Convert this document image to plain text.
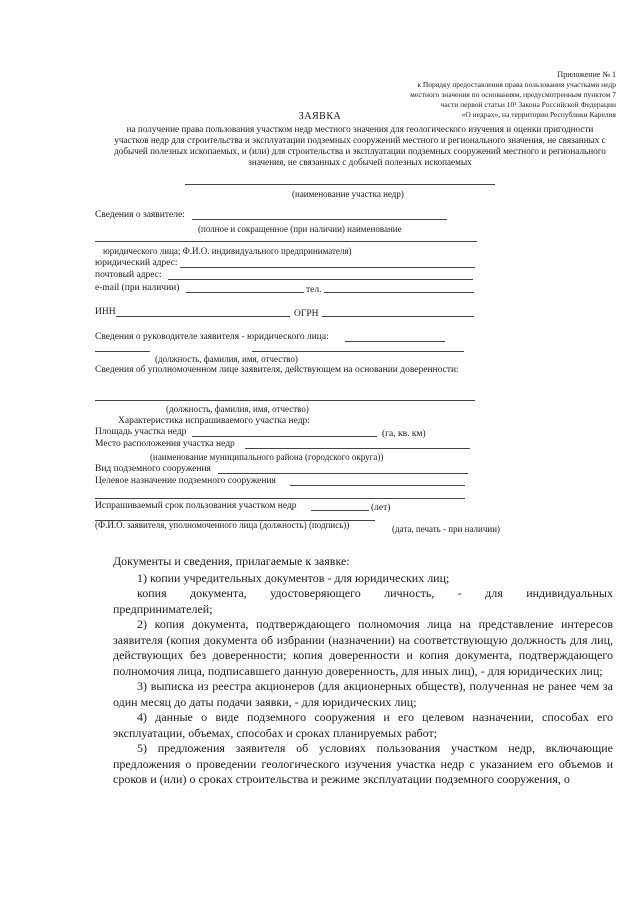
Приложение № 1
к Порядку предоставления права пользования участками недр
местного значения по основаниям, предусмотренным пунктом 7
части первой статьи 10¹ Закона Российской Федерации
«О недрах», на территории Республики Карелия
ЗАЯВКА
на получение права пользования участком недр местного значения для геологического изучения и оценки пригодности участков недр для строительства и эксплуатации подземных сооружений местного и регионального значения, не связанных с добычей полезных ископаемых, и (или) для строительства и эксплуатации подземных сооружений местного и регионального значения, не связанных с добычей полезных ископаемых
(наименование участка недр)
Сведения о заявителе:
(полное и сокращенное (при наличии) наименование
юридического лица; Ф.И.О. индивидуального предпринимателя)
юридический адрес:
почтовый адрес:
e-mail (при наличии)	тел.
ИНН	ОГРН
Сведения о руководителе заявителя - юридического лица:
(должность, фамилия, имя, отчество)
Сведения об уполномоченном лице заявителя, действующем на основании доверенности:
(должность, фамилия, имя, отчество)
Характеристика испрашиваемого участка недр:
Площадь участка недр	(га, кв. км)
Место расположения участка недр
(наименование муниципального района (городского округа))
Вид подземного сооружения
Целевое назначение подземного сооружения
Испрашиваемый срок пользования участком недр	(лет)
(Ф.И.О. заявителя, уполномоченного лица (должность) (подпись))	(дата, печать - при наличии)

Документы и сведения, прилагаемые к заявке:

1) копии учредительных документов - для юридических лиц;

копия документа, удостоверяющего личность, - для индивидуальных

предпринимателей;

2) копия документа, подтверждающего полномочия лица на представление интересов заявителя (копия документа об избрании (назначении) на соответствующую должность для лиц, действующих без доверенности; копия доверенности и копия документа, подтверждающего полномочия лица, подписавшего данную доверенность, для иных лиц), - для юридических лиц;

3) выписка из реестра акционеров (для акционерных обществ), полученная не ранее чем за один месяц до даты подачи заявки, - для юридических лиц;

4) данные о виде подземного сооружения и его целевом назначении, способах его эксплуатации, объемах, способах и сроках планируемых работ;

5) предложения заявителя об условиях пользования участком недр, включающие предложения о проведении геологического изучения участка недр с указанием его объемов и сроков и (или) о сроках строительства и режиме эксплуатации подземного сооружения, о
